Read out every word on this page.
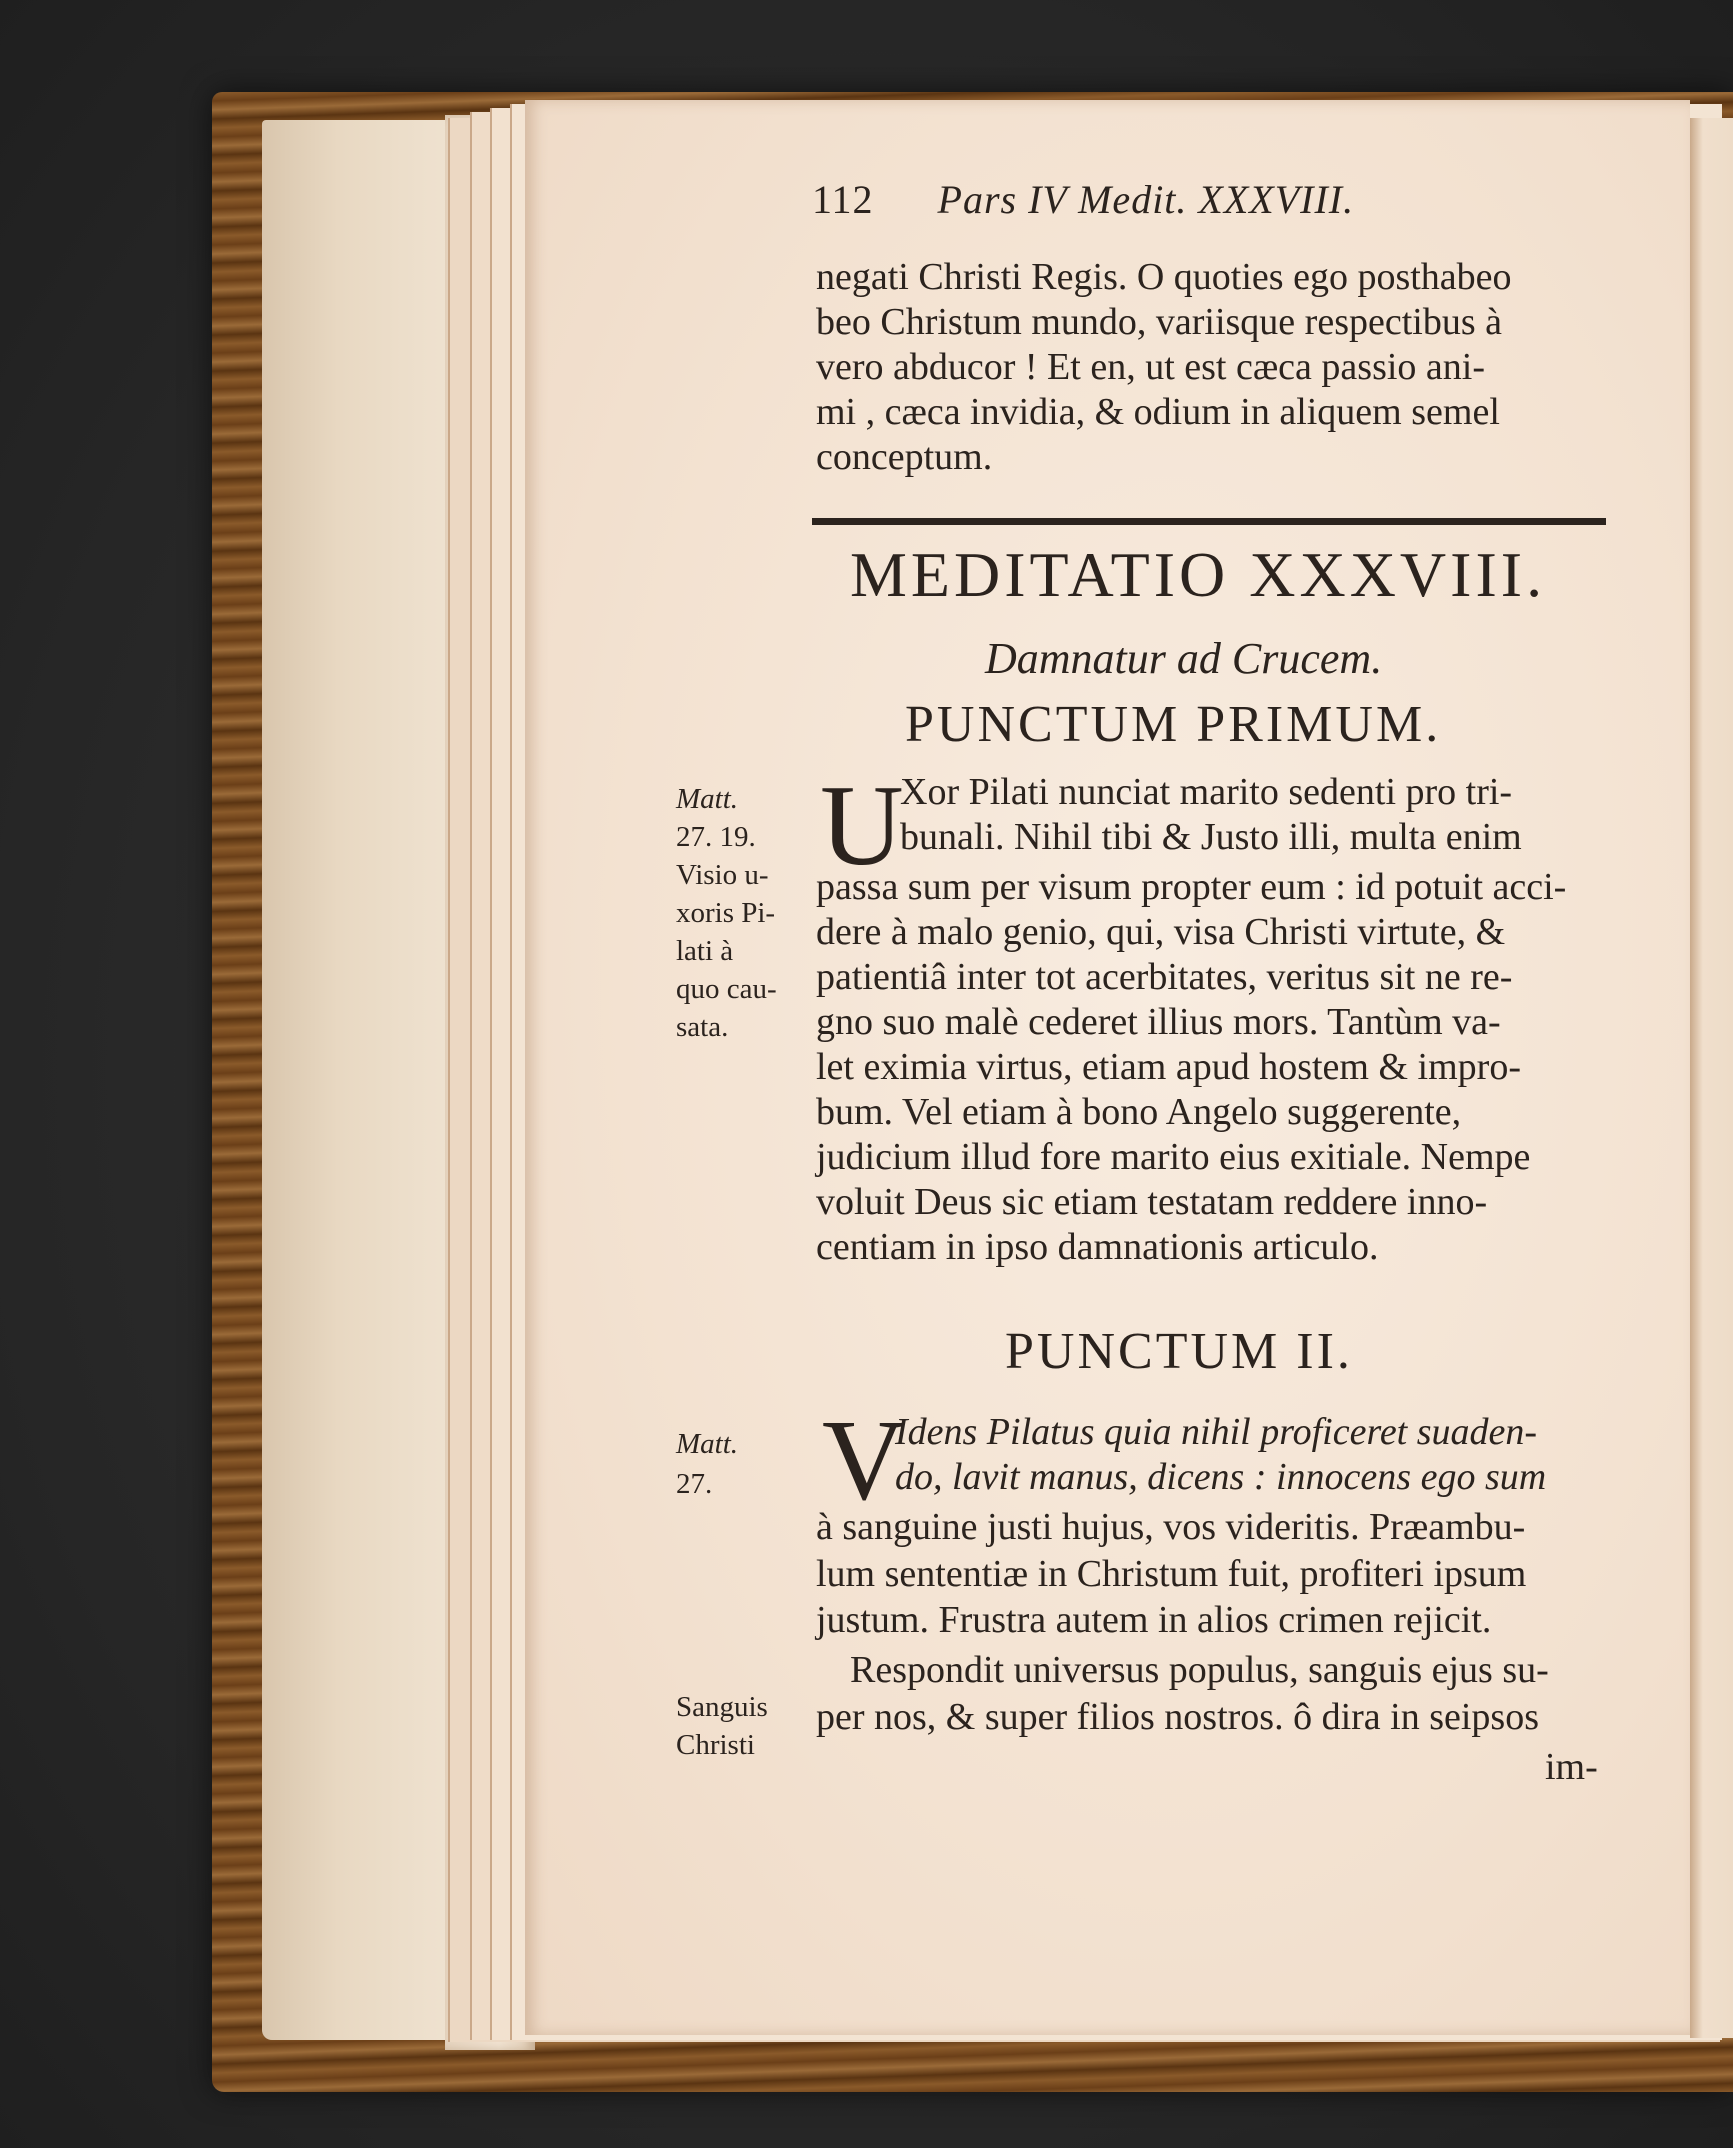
112 Pars IV Medit. XXXVIII.
negati Christi Regis. O quoties ego posthabeo
beo Christum mundo, variisque respectibus à
vero abducor ! Et en, ut est cæca passio ani-
mi , cæca invidia, & odium in aliquem semel
conceptum.
MEDITATIO XXXVIII.
Damnatur ad Crucem.
PUNCTUM PRIMUM.
U
Xor Pilati nunciat marito sedenti pro tri-
bunali. Nihil tibi & Justo illi, multa enim
passa sum per visum propter eum : id potuit acci-
dere à malo genio, qui, visa Christi virtute, &
patientiâ inter tot acerbitates, veritus sit ne re-
gno suo malè cederet illius mors. Tantùm va-
let eximia virtus, etiam apud hostem & impro-
bum. Vel etiam à bono Angelo suggerente,
judicium illud fore marito eius exitiale. Nempe
voluit Deus sic etiam testatam reddere inno-
centiam in ipso damnationis articulo.
Matt.
27. 19.
Visio u-
xoris Pi-
lati à
quo cau-
sata.
PUNCTUM II.
V
Idens Pilatus quia nihil proficeret suaden-
do, lavit manus, dicens : innocens ego sum
à sanguine justi hujus, vos videritis. Præambu-
lum sententiæ in Christum fuit, profiteri ipsum
justum. Frustra autem in alios crimen rejicit.
Respondit universus populus, sanguis ejus su-
per nos, & super filios nostros. ô dira in seipsos
im-
Matt.
27.
Sanguis
Christi
